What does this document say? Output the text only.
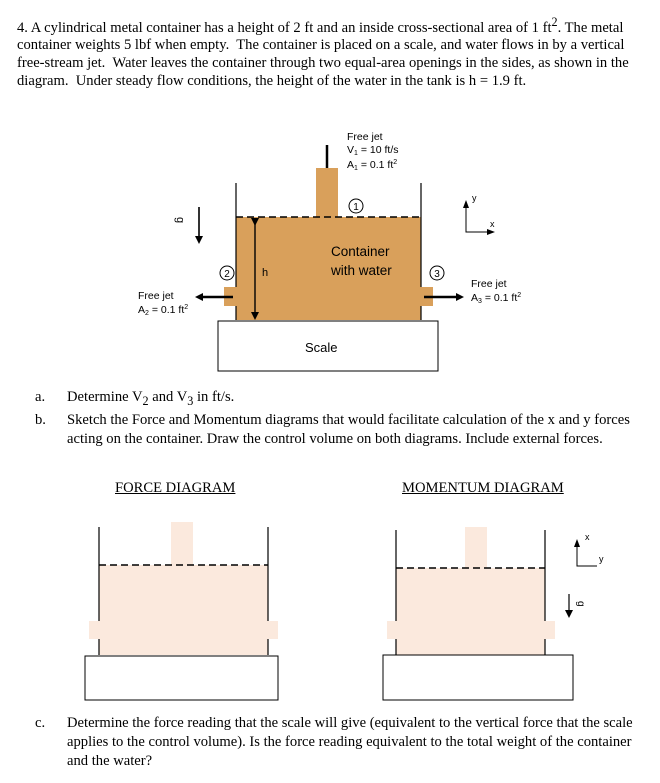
4. A cylindrical metal container has a height of 2 ft and an inside cross-sectional area of 1 $ft^2$. The metal container weights 5 lbf when empty.  The container is placed on a scale, and water flows in by a vertical free-stream jet.  Water leaves the container through two equal-area openings in the sides, as shown in the diagram.  Under steady flow conditions, the height of the water in the tank is h = 1.9 ft.
Free jet
V1 = 10 ft/s
A1 = 0.1 $ft^2$
1
2	3
Container
with water
h
g
y
x
Free jet
A2 = 0.1 $ft^2$
Free jet
A3 = 0.1 $ft^2$
Scale
x
y
g
a.	Determine $V_2$ and $V_3$ in ft/s.
b.	Sketch the Force and Momentum diagrams that would facilitate calculation of the x and y forces acting on the container. Draw the control volume on both diagrams. Include external forces.
FORCE DIAGRAM	MOMENTUM DIAGRAM
c.	Determine the force reading that the scale will give (equivalent to the vertical force that the scale applies to the control volume). Is the force reading equivalent to the total weight of the container and the water?
